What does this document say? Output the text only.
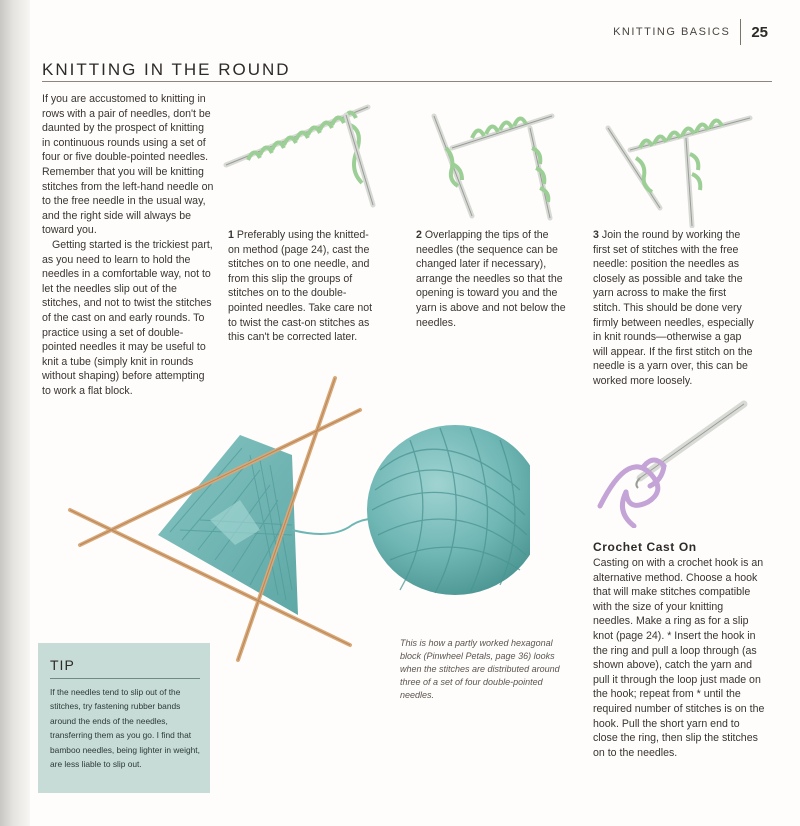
KNITTING BASICS	25
KNITTING IN THE ROUND

If you are accustomed to knitting in rows with a pair of needles, don't be daunted by the prospect of knitting in continuous rounds using a set of four or five double-pointed needles. Remember that you will be knitting stitches from the left-hand needle on to the free needle in the usual way, and the right side will always be toward you.

Getting started is the trickiest part, as you need to learn to hold the needles in a comfortable way, not to let the needles slip out of the stitches, and not to twist the stitches of the cast on and early rounds. To practice using a set of double-pointed needles it may be useful to knit a tube (simply knit in rounds without shaping) before attempting to work a flat block.

1 Preferably using the knitted-on method (page 24), cast the stitches on to one needle, and from this slip the groups of stitches on to the double-pointed needles. Take care not to twist the cast-on stitches as this can't be corrected later.
2 Overlapping the tips of the needles (the sequence can be changed later if necessary), arrange the needles so that the opening is toward you and the yarn is above and not below the needles.
3 Join the round by working the first set of stitches with the free needle: position the needles as closely as possible and take the yarn across to make the first stitch. This should be done very firmly between needles, especially in knit rounds—otherwise a gap will appear. If the first stitch on the needle is a yarn over, this can be worked more loosely.
This is how a partly worked hexagonal block (Pinwheel Petals, page 36) looks when the stitches are distributed around three of a set of four double-pointed needles.
Crochet Cast On
Casting on with a crochet hook is an alternative method. Choose a hook that will make stitches compatible with the size of your knitting needles. Make a ring as for a slip knot (page 24). * Insert the hook in the ring and pull a loop through (as shown above), catch the yarn and pull it through the loop just made on the hook; repeat from * until the required number of stitches is on the hook. Pull the short yarn end to close the ring, then slip the stitches on to the needles.
TIP
If the needles tend to slip out of the stitches, try fastening rubber bands around the ends of the needles, transferring them as you go. I find that bamboo needles, being lighter in weight, are less liable to slip out.
